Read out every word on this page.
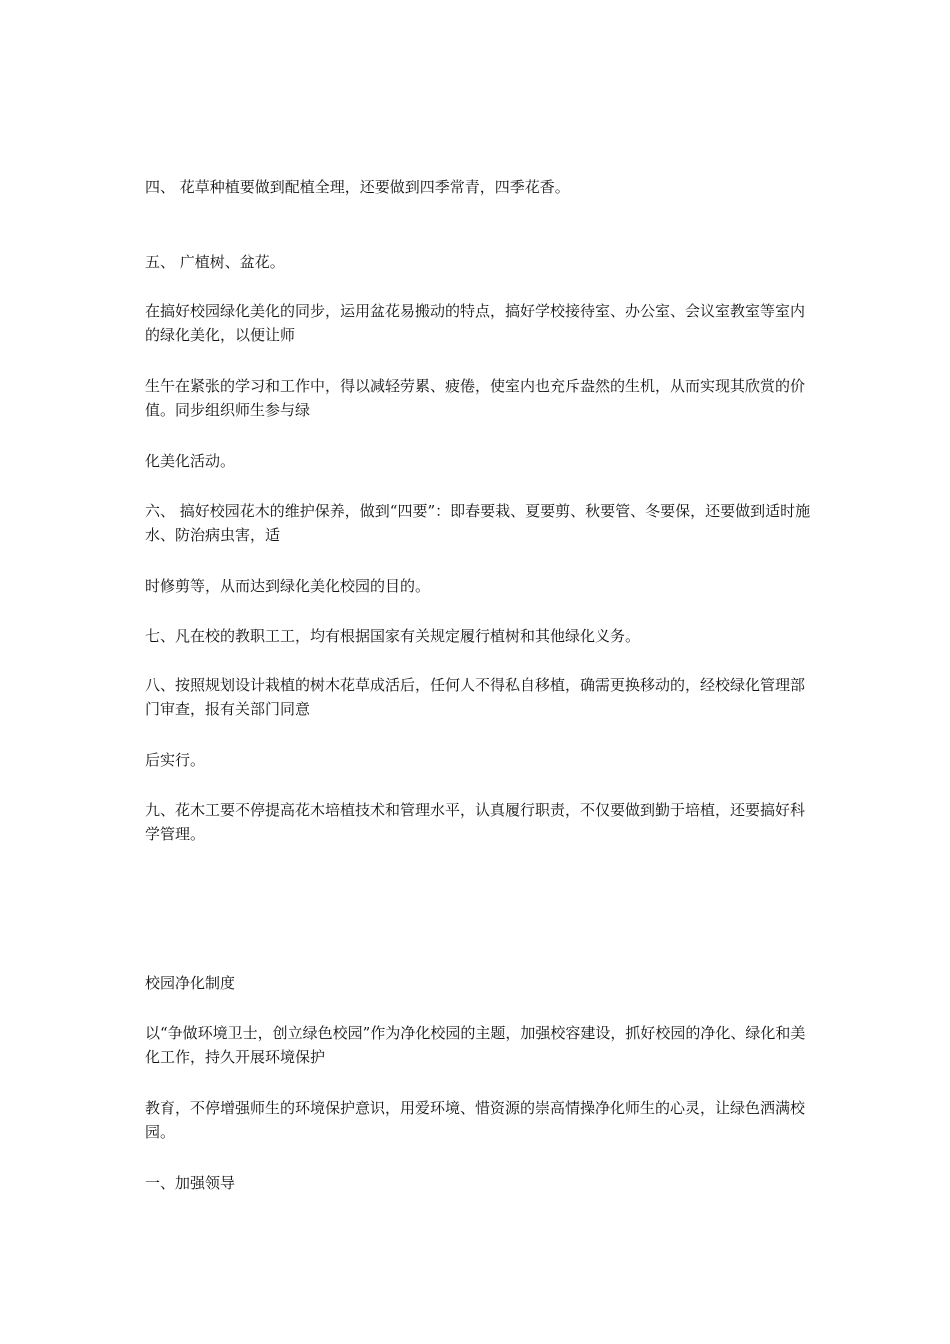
四、 花草种植要做到配植全理，还要做到四季常青，四季花香。

五、 广植树、盆花。

在搞好校园绿化美化的同步，运用盆花易搬动的特点，搞好学校接待室、办公室、会议室教室等室内的绿化美化，以便让师

生午在紧张的学习和工作中，得以减轻劳累、疲倦，使室内也充斥盎然的生机，从而实现其欣赏的价值。同步组织师生参与绿

化美化活动。

六、 搞好校园花木的维护保养，做到“四要”：即春要栽、夏要剪、秋要管、冬要保，还要做到适时施水、防治病虫害，适

时修剪等，从而达到绿化美化校园的目的。

七、凡在校的教职工工，均有根据国家有关规定履行植树和其他绿化义务。

八、按照规划设计栽植的树木花草成活后，任何人不得私自移植，确需更换移动的，经校绿化管理部门审查，报有关部门同意

后实行。

九、花木工要不停提高花木培植技术和管理水平，认真履行职责，不仅要做到勤于培植，还要搞好科学管理。

校园净化制度

以“争做环境卫士，创立绿色校园”作为净化校园的主题，加强校容建设，抓好校园的净化、绿化和美化工作，持久开展环境保护

教育，不停增强师生的环境保护意识，用爱环境、惜资源的崇高情操净化师生的心灵，让绿色洒满校园。

一、加强领导
